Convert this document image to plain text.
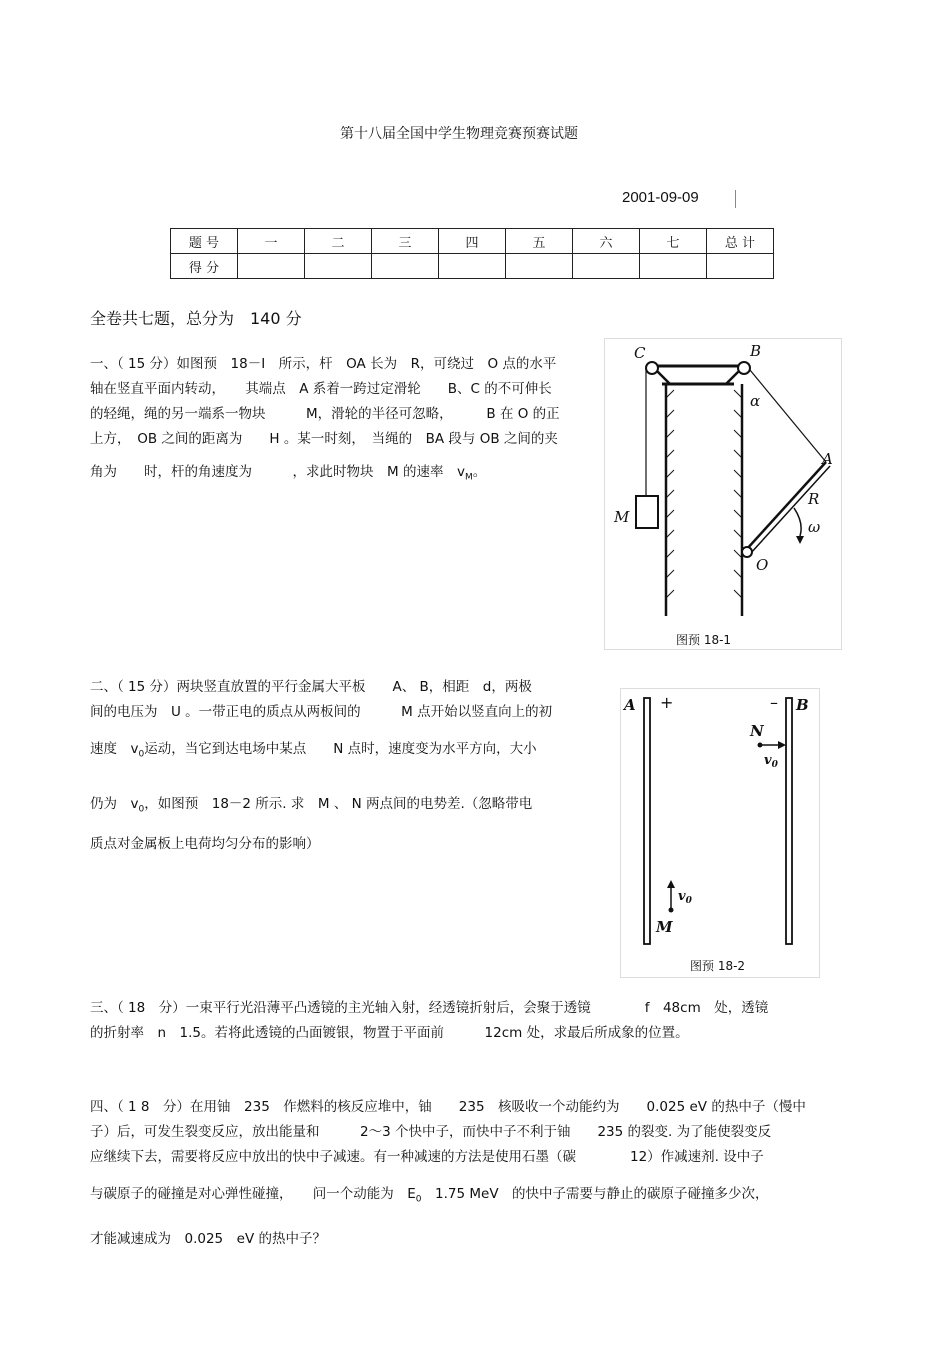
第十八届全国中学生物理竞赛预赛试题
2001-09-09
题 号	一	二	三	四	五	六	七	总 计
得 分								
全卷共七题，总分为　140 分
一、（ 15 分）如图预　18－I　所示，杆　OA 长为　R，可绕过　O 点的水平
轴在竖直平面内转动，　　其端点　A 系着一跨过定滑轮　　B、C 的不可伸长
的轻绳，绳的另一端系一物块　　　M，滑轮的半径可忽略，　　　B 在 O 的正
上方，　OB 之间的距离为　　H 。某一时刻，　当绳的　BA 段与 OB 之间的夹
角为　　时，杆的角速度为　　　，求此时物块　M 的速率　$v_M$。
C	B
A
O
M
R
α
ω
图预 18-1
二、（ 15 分）两块竖直放置的平行金属大平板　　A、 B，相距　d，两极
间的电压为　U 。一带正电的质点从两板间的　　　M 点开始以竖直向上的初
速度　$v_0$运动，当它到达电场中某点　　N 点时，速度变为水平方向，大小
仍为　$v_0$，如图预　18－2 所示. 求　M 、 N 两点间的电势差.（忽略带电
质点对金属板上电荷均匀分布的影响）
A	B
N
M
$v_0$
$v_0$
+	–
图预 18-2
三、（ 18　分）一束平行光沿薄平凸透镜的主光轴入射，经透镜折射后，会聚于透镜　　　　f　48cm　处，透镜
的折射率　n　1.5。若将此透镜的凸面镀银，物置于平面前　　　12cm 处，求最后所成象的位置。
四、（ 1 8　分）在用铀　235　作燃料的核反应堆中，铀　　235　核吸收一个动能约为　　0.025 eV 的热中子（慢中
子）后，可发生裂变反应，放出能量和　　　2～3 个快中子，而快中子不利于铀　　235 的裂变. 为了能使裂变反
应继续下去，需要将反应中放出的快中子减速。有一种减速的方法是使用石墨（碳　　　　12）作减速剂. 设中子
与碳原子的碰撞是对心弹性碰撞，　　问一个动能为　$E_0$　1.75 MeV　的快中子需要与静止的碳原子碰撞多少次，
才能减速成为　0.025　eV 的热中子？
